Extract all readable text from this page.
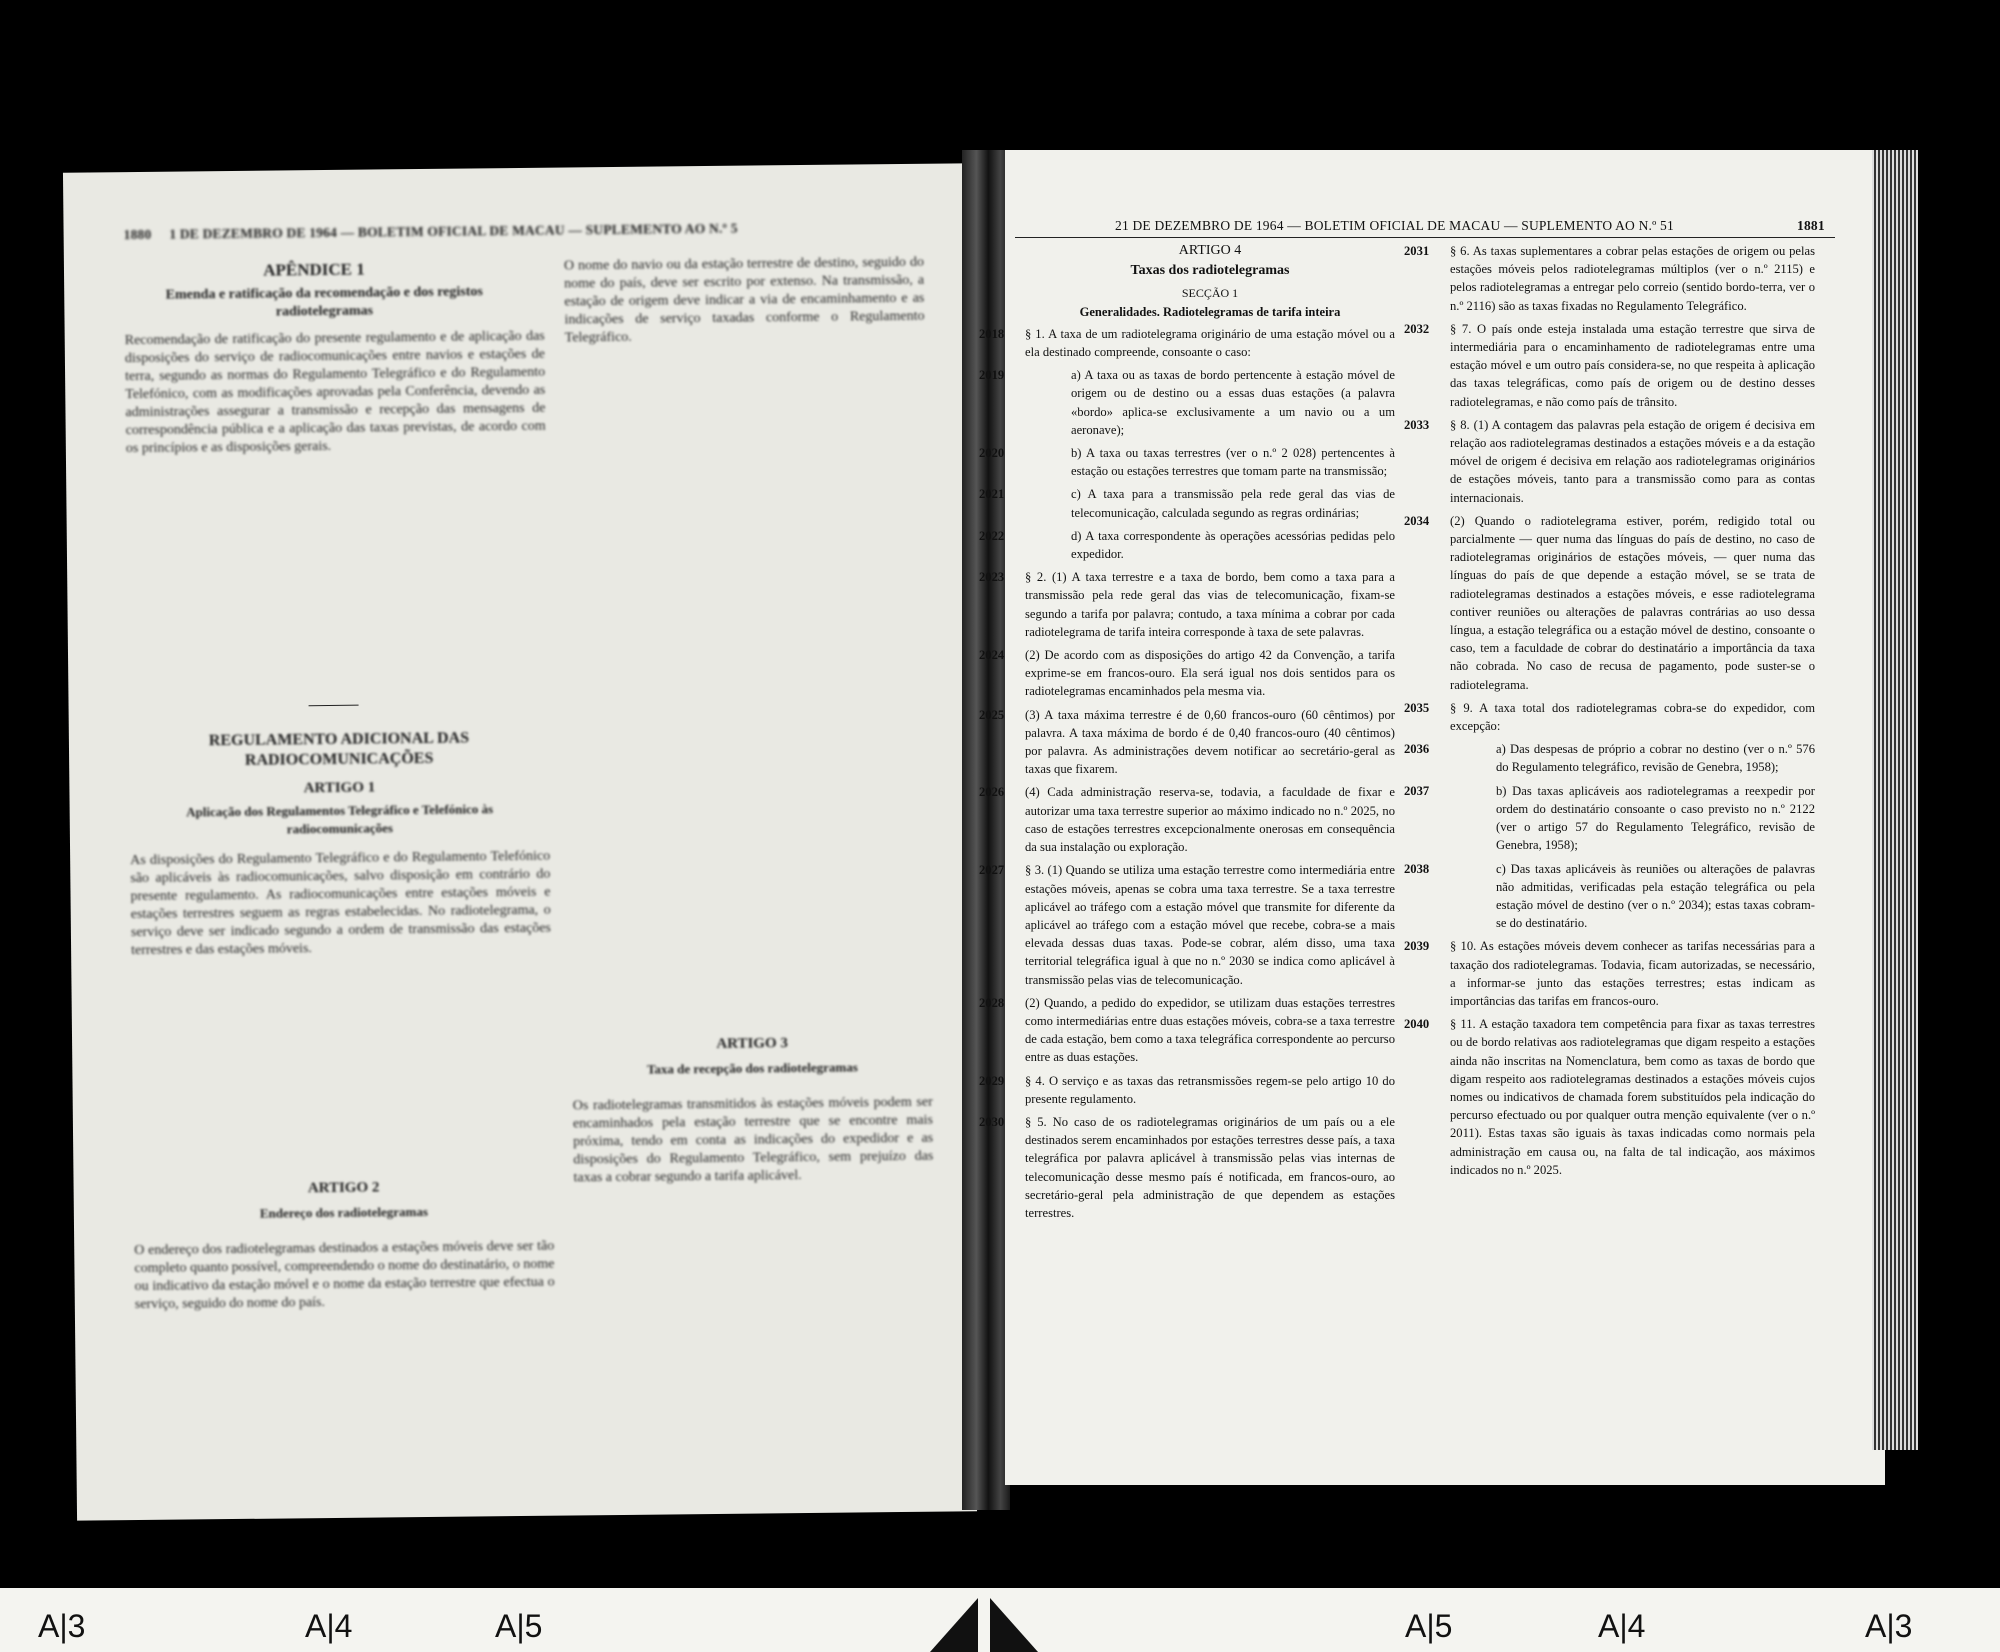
1880 1 DE DEZEMBRO DE 1964 — BOLETIM OFICIAL DE MACAU — SUPLEMENTO AO N.º 5
APÊNDICE 1
Emenda e ratificação da recomendação e dos registos radiotelegramas
Recomendação de ratificação do presente regulamento e de aplicação das disposições do serviço de radiocomunicações entre navios e estações de terra, segundo as normas do Regulamento Telegráfico e do Regulamento Telefónico, com as modificações aprovadas pela Conferência, devendo as administrações assegurar a transmissão e recepção das mensagens de correspondência pública e a aplicação das taxas previstas, de acordo com os princípios e as disposições gerais.
REGULAMENTO ADICIONAL DAS RADIOCOMUNICAÇÕES
ARTIGO 1
Aplicação dos Regulamentos Telegráfico e Telefónico às radiocomunicações
As disposições do Regulamento Telegráfico e do Regulamento Telefónico são aplicáveis às radiocomunicações, salvo disposição em contrário do presente regulamento. As radiocomunicações entre estações móveis e estações terrestres seguem as regras estabelecidas. No radiotelegrama, o serviço deve ser indicado segundo a ordem de transmissão das estações terrestres e das estações móveis.
ARTIGO 2
Endereço dos radiotelegramas
O endereço dos radiotelegramas destinados a estações móveis deve ser tão completo quanto possível, compreendendo o nome do destinatário, o nome ou indicativo da estação móvel e o nome da estação terrestre que efectua o serviço, seguido do nome do país.
O nome do navio ou da estação terrestre de destino, seguido do nome do país, deve ser escrito por extenso. Na transmissão, a estação de origem deve indicar a via de encaminhamento e as indicações de serviço taxadas conforme o Regulamento Telegráfico.
ARTIGO 3
Taxa de recepção dos radiotelegramas
Os radiotelegramas transmitidos às estações móveis podem ser encaminhados pela estação terrestre que se encontre mais próxima, tendo em conta as indicações do expedidor e as disposições do Regulamento Telegráfico, sem prejuízo das taxas a cobrar segundo a tarifa aplicável.
21 DE DEZEMBRO DE 1964 — BOLETIM OFICIAL DE MACAU — SUPLEMENTO AO N.º 51	1881
ARTIGO 4
Taxas dos radiotelegramas
SECÇÃO 1
Generalidades. Radiotelegramas de tarifa inteira

2018 § 1. A taxa de um radiotelegrama originário de uma estação móvel ou a ela destinado compreende, consoante o caso:

2019	a) A taxa ou as taxas de bordo pertencente à estação móvel de origem ou de destino ou a essas duas estações (a palavra «bordo» aplica-se exclusivamente a um navio ou a um aeronave);

2020	b) A taxa ou taxas terrestres (ver o n.º 2 028) pertencentes à estação ou estações terrestres que tomam parte na transmissão;

2021	c) A taxa para a transmissão pela rede geral das vias de telecomunicação, calculada segundo as regras ordinárias;

2022	d) A taxa correspondente às operações acessórias pedidas pelo expedidor.

2023 § 2. (1) A taxa terrestre e a taxa de bordo, bem como a taxa para a transmissão pela rede geral das vias de telecomunicação, fixam-se segundo a tarifa por palavra; contudo, a taxa mínima a cobrar por cada radiotelegrama de tarifa inteira corresponde à taxa de sete palavras.

2024 (2) De acordo com as disposições do artigo 42 da Convenção, a tarifa exprime-se em francos-ouro. Ela será igual nos dois sentidos para os radiotelegramas encaminhados pela mesma via.

2025 (3) A taxa máxima terrestre é de 0,60 francos-ouro (60 cêntimos) por palavra. A taxa máxima de bordo é de 0,40 francos-ouro (40 cêntimos) por palavra. As administrações devem notificar ao secretário-geral as taxas que fixarem.

2026 (4) Cada administração reserva-se, todavia, a faculdade de fixar e autorizar uma taxa terrestre superior ao máximo indicado no n.º 2025, no caso de estações terrestres excepcionalmente onerosas em consequência da sua instalação ou exploração.

2027 § 3. (1) Quando se utiliza uma estação terrestre como intermediária entre estações móveis, apenas se cobra uma taxa terrestre. Se a taxa terrestre aplicável ao tráfego com a estação móvel que transmite for diferente da aplicável ao tráfego com a estação móvel que recebe, cobra-se a mais elevada dessas duas taxas. Pode-se cobrar, além disso, uma taxa territorial telegráfica igual à que no n.º 2030 se indica como aplicável à transmissão pelas vias de telecomunicação.

2028 (2) Quando, a pedido do expedidor, se utilizam duas estações terrestres como intermediárias entre duas estações móveis, cobra-se a taxa terrestre de cada estação, bem como a taxa telegráfica correspondente ao percurso entre as duas estações.

2029 § 4. O serviço e as taxas das retransmissões regem-se pelo artigo 10 do presente regulamento.

2030 § 5. No caso de os radiotelegramas originários de um país ou a ele destinados serem encaminhados por estações terrestres desse país, a taxa telegráfica por palavra aplicável à transmissão pelas vias internas de telecomunicação desse mesmo país é notificada, em francos-ouro, ao secretário-geral pela administração de que dependem as estações terrestres.

2031 § 6. As taxas suplementares a cobrar pelas estações de origem ou pelas estações móveis pelos radiotelegramas múltiplos (ver o n.º 2115) e pelos radiotelegramas a entregar pelo correio (sentido bordo-terra, ver o n.º 2116) são as taxas fixadas no Regulamento Telegráfico.

2032 § 7. O país onde esteja instalada uma estação terrestre que sirva de intermediária para o encaminhamento de radiotelegramas entre uma estação móvel e um outro país considera-se, no que respeita à aplicação das taxas telegráficas, como país de origem ou de destino desses radiotelegramas, e não como país de trânsito.

2033 § 8. (1) A contagem das palavras pela estação de origem é decisiva em relação aos radiotelegramas destinados a estações móveis e a da estação móvel de origem é decisiva em relação aos radiotelegramas originários de estações móveis, tanto para a transmissão como para as contas internacionais.

2034 (2) Quando o radiotelegrama estiver, porém, redigido total ou parcialmente — quer numa das línguas do país de destino, no caso de radiotelegramas originários de estações móveis, — quer numa das línguas do país de que depende a estação móvel, se se trata de radiotelegramas destinados a estações móveis, e esse radiotelegrama contiver reuniões ou alterações de palavras contrárias ao uso dessa língua, a estação telegráfica ou a estação móvel de destino, consoante o caso, tem a faculdade de cobrar do destinatário a importância da taxa não cobrada. No caso de recusa de pagamento, pode suster-se o radiotelegrama.

2035 § 9. A taxa total dos radiotelegramas cobra-se do expedidor, com excepção:

2036	a) Das despesas de próprio a cobrar no destino (ver o n.º 576 do Regulamento telegráfico, revisão de Genebra, 1958);

2037	b) Das taxas aplicáveis aos radiotelegramas a reexpedir por ordem do destinatário consoante o caso previsto no n.º 2122 (ver o artigo 57 do Regulamento Telegráfico, revisão de Genebra, 1958);

2038	c) Das taxas aplicáveis às reuniões ou alterações de palavras não admitidas, verificadas pela estação telegráfica ou pela estação móvel de destino (ver o n.º 2034); estas taxas cobram-se do destinatário.

2039 § 10. As estações móveis devem conhecer as tarifas necessárias para a taxação dos radiotelegramas. Todavia, ficam autorizadas, se necessário, a informar-se junto das estações terrestres; estas indicam as importâncias das tarifas em francos-ouro.

2040 § 11. A estação taxadora tem competência para fixar as taxas terrestres ou de bordo relativas aos radiotelegramas que digam respeito a estações ainda não inscritas na Nomenclatura, bem como as taxas de bordo que digam respeito aos radiotelegramas destinados a estações móveis cujos nomes ou indicativos de chamada forem substituídos pela indicação do percurso efectuado ou por qualquer outra menção equivalente (ver o n.º 2011). Estas taxas são iguais às taxas indicadas como normais pela administração em causa ou, na falta de tal indicação, aos máximos indicados no n.º 2025.

A|3	A|4	A|5	A|5	A|4	A|3
